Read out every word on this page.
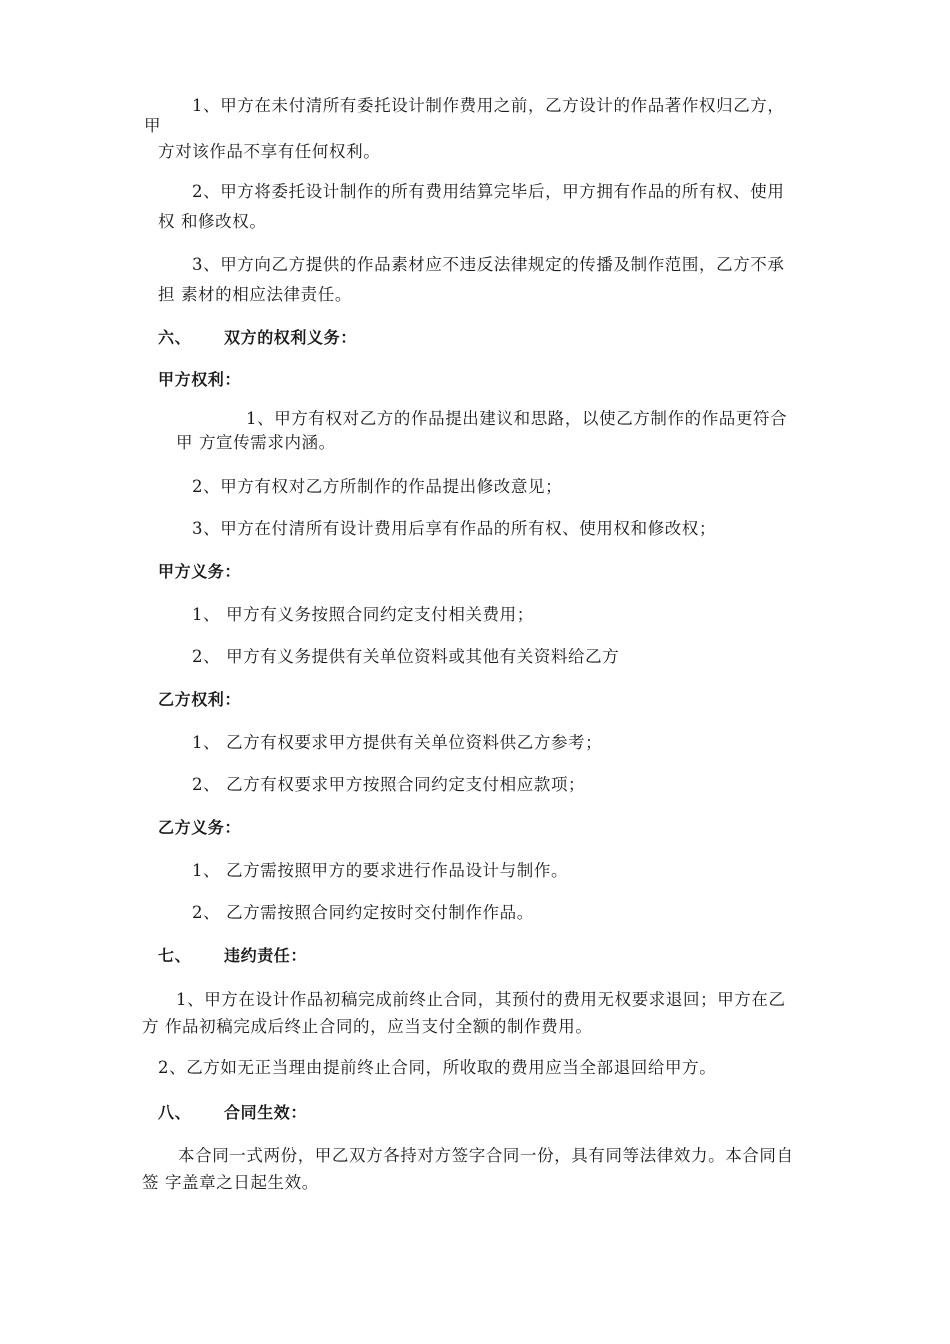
1、甲方在未付清所有委托设计制作费用之前，乙方设计的作品著作权归乙方，
甲
方对该作品不享有任何权利。
2、甲方将委托设计制作的所有费用结算完毕后，甲方拥有作品的所有权、使用
权 和修改权。
3、甲方向乙方提供的作品素材应不违反法律规定的传播及制作范围，乙方不承
担 素材的相应法律责任。
六、 双方的权利义务：
甲方权利：
1、甲方有权对乙方的作品提出建议和思路，以使乙方制作的作品更符合
甲 方宣传需求内涵。
2、甲方有权对乙方所制作的作品提出修改意见；
3、甲方在付清所有设计费用后享有作品的所有权、使用权和修改权；
甲方义务：
1、 甲方有义务按照合同约定支付相关费用；
2、 甲方有义务提供有关单位资料或其他有关资料给乙方
乙方权利：
1、 乙方有权要求甲方提供有关单位资料供乙方参考；
2、 乙方有权要求甲方按照合同约定支付相应款项；
乙方义务：
1、 乙方需按照甲方的要求进行作品设计与制作。
2、 乙方需按照合同约定按时交付制作作品。
七、 违约责任：
1、甲方在设计作品初稿完成前终止合同，其预付的费用无权要求退回；甲方在乙
方 作品初稿完成后终止合同的，应当支付全额的制作费用。
2、乙方如无正当理由提前终止合同，所收取的费用应当全部退回给甲方。
八、 合同生效：
本合同一式两份，甲乙双方各持对方签字合同一份，具有同等法律效力。本合同自
签 字盖章之日起生效。
